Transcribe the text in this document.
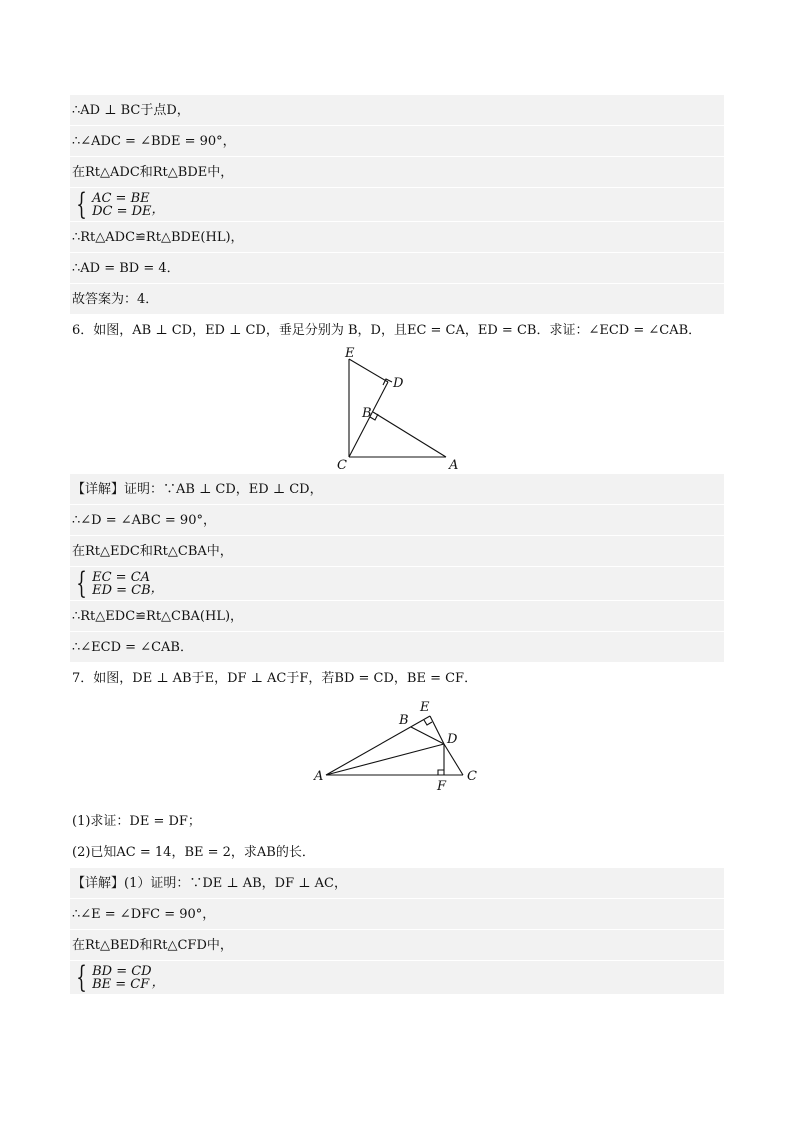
∴AD ⊥ BC于点D，
∴∠ADC = ∠BDE = 90°，
在Rt△ADC和Rt△BDE中，
{ AC = BE
DC = DE ，
∴Rt△ADC≌Rt△BDE(HL)，
∴AD = BD = 4．
故答案为：4．
6．如图，AB ⊥ CD，ED ⊥ CD，垂足分别为 B，D，且EC = CA，ED = CB．求证：∠ECD = ∠CAB．
E
D
B
C	A
【详解】证明：∵AB ⊥ CD，ED ⊥ CD，
∴∠D = ∠ABC = 90°，
在Rt△EDC和Rt△CBA中，
{ EC = CA
ED = CB ，
∴Rt△EDC≌Rt△CBA(HL)，
∴∠ECD = ∠CAB．
7．如图，DE ⊥ AB于E，DF ⊥ AC于F，若BD = CD，BE = CF．
E
B
D
A
F
C
(1)求证：DE = DF；
(2)已知AC = 14，BE = 2，求AB的长．
【详解】(1）证明：∵DE ⊥ AB，DF ⊥ AC，
∴∠E = ∠DFC = 90°，
在Rt△BED和Rt△CFD中，
{ BD = CD
BE = CF ，
